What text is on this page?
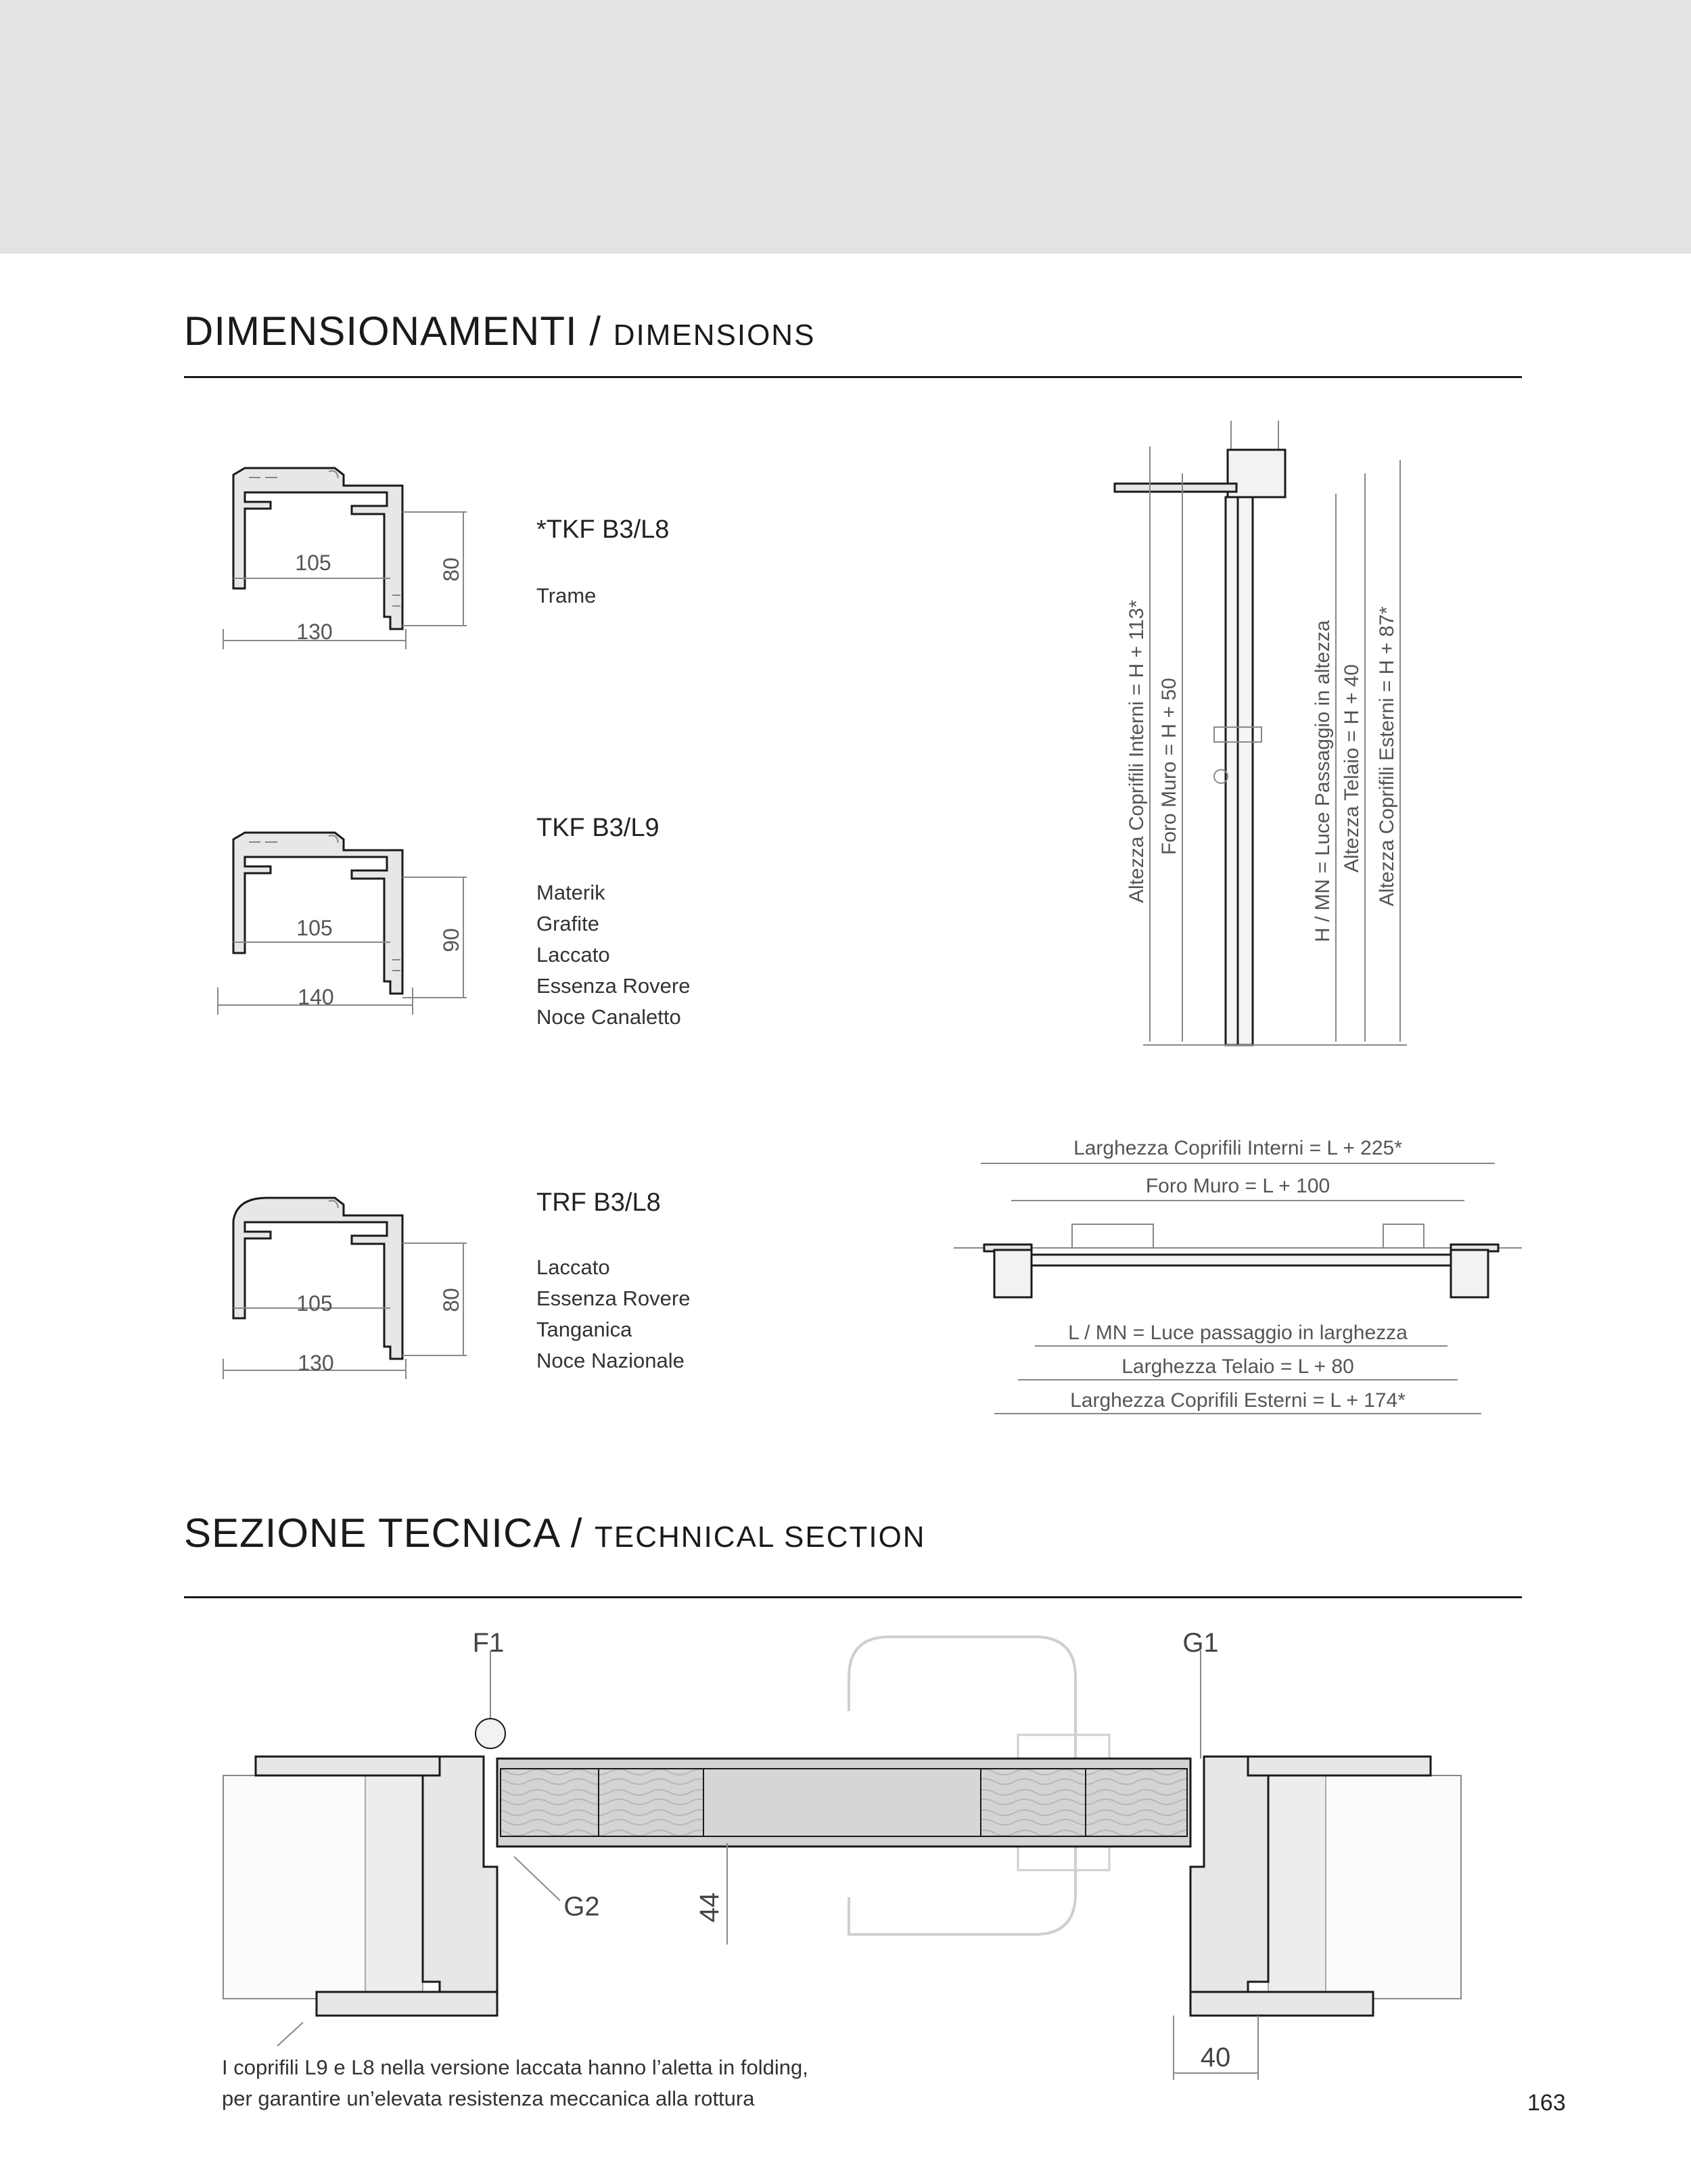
DIMENSIONAMENTI / DIMENSIONS
*TKF B3/L8
Trame
TKF B3/L9
Materik
Grafite
Laccato
Essenza Rovere
Noce Canaletto
TRF B3/L8
Laccato
Essenza Rovere
Tanganica
Noce Nazionale
SEZIONE TECNICA / TECHNICAL SECTION
105
130
80
105
140
90
105
130
80
Altezza Coprifili Interni = H + 113* Foro Muro = H + 50	H / MN = Luce Passaggio in altezza Altezza Telaio = H + 40 Altezza Coprifili Esterni = H + 87*
Larghezza Coprifili Interni = L + 225*
Foro Muro = L + 100
L / MN = Luce passaggio in larghezza
Larghezza Telaio = L + 80
Larghezza Coprifili Esterni = L + 174*
F1	G1
G2	44
40
I coprifili L9 e L8 nella versione laccata hanno l’aletta in folding,
per garantire un’elevata resistenza meccanica alla rottura	163
